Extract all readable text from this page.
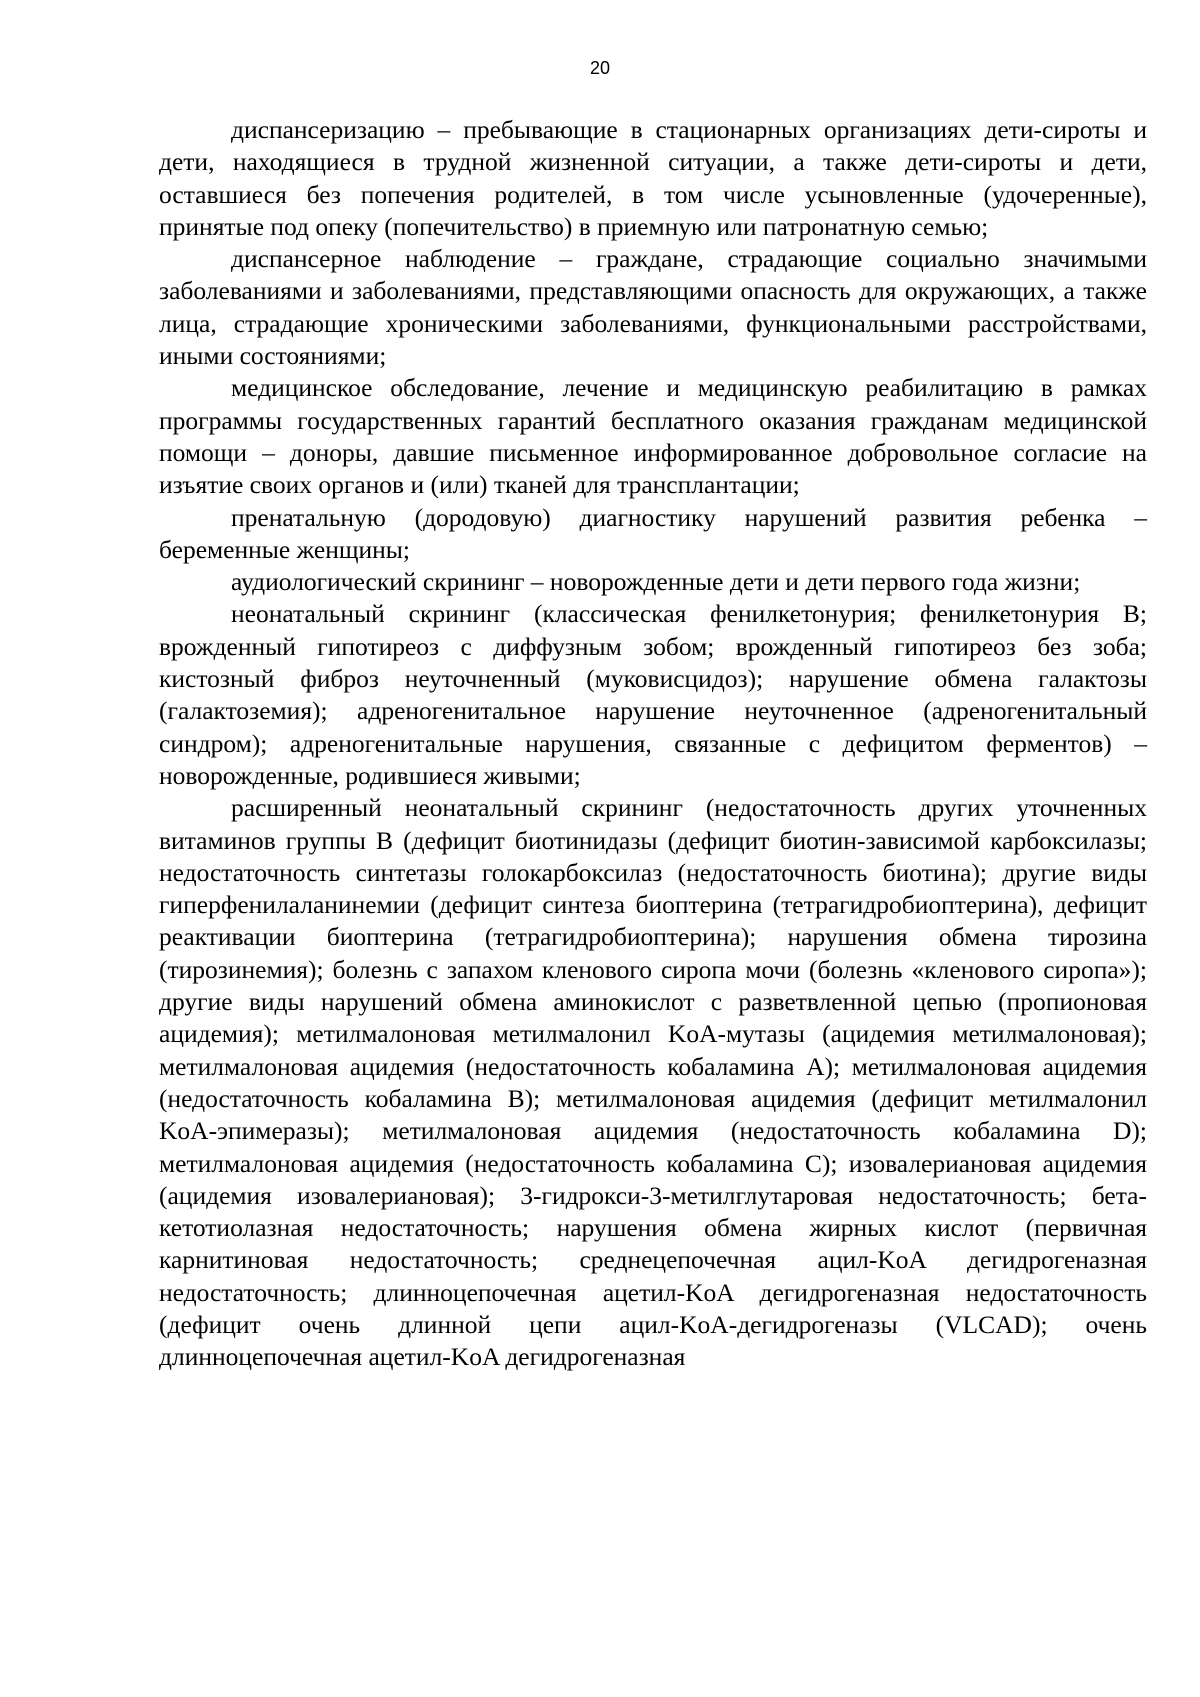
20

диспансеризацию – пребывающие в стационарных организациях дети-сироты и дети, находящиеся в трудной жизненной ситуации, а также дети-сироты и дети, оставшиеся без попечения родителей, в том числе усыновленные (удочеренные), принятые под опеку (попечительство) в приемную или патронатную семью;

диспансерное наблюдение – граждане, страдающие социально значимыми заболеваниями и заболеваниями, представляющими опасность для окружающих, а также лица, страдающие хроническими заболеваниями, функциональными расстройствами, иными состояниями;

медицинское обследование, лечение и медицинскую реабилитацию в рамках программы государственных гарантий бесплатного оказания гражданам медицинской помощи – доноры, давшие письменное информированное добровольное согласие на изъятие своих органов и (или) тканей для трансплантации;

пренатальную (дородовую) диагностику нарушений развития ребенка – беременные женщины;

аудиологический скрининг – новорожденные дети и дети первого года жизни;

неонатальный скрининг (классическая фенилкетонурия; фенилкетонурия B; врожденный гипотиреоз с диффузным зобом; врожденный гипотиреоз без зоба; кистозный фиброз неуточненный (муковисцидоз); нарушение обмена галактозы (галактоземия); адреногенитальное нарушение неуточненное (адреногенитальный синдром); адреногенитальные нарушения, связанные с дефицитом ферментов) – новорожденные, родившиеся живыми;

расширенный неонатальный скрининг (недостаточность других уточненных витаминов группы B (дефицит биотинидазы (дефицит биотин-зависимой карбоксилазы; недостаточность синтетазы голокарбоксилаз (недостаточность биотина); другие виды гиперфенилаланинемии (дефицит синтеза биоптерина (тетрагидробиоптерина), дефицит реактивации биоптерина (тетрагидробиоптерина); нарушения обмена тирозина (тирозинемия); болезнь с запахом кленового сиропа мочи (болезнь «кленового сиропа»); другие виды нарушений обмена аминокислот с разветвленной цепью (пропионовая ацидемия); метилмалоновая метилмалонил KoA-мутазы (ацидемия метилмалоновая); метилмалоновая ацидемия (недостаточность кобаламина A); метилмалоновая ацидемия (недостаточность кобаламина B); метилмалоновая ацидемия (дефицит метилмалонил KoA-эпимеразы); метилмалоновая ацидемия (недостаточность кобаламина D); метилмалоновая ацидемия (недостаточность кобаламина C); изовалериановая ацидемия (ацидемия изовалериановая); 3-гидрокси-3-метилглутаровая недостаточность; бета-кетотиолазная недостаточность; нарушения обмена жирных кислот (первичная карнитиновая недостаточность; среднецепочечная ацил-KoA дегидрогеназная недостаточность; длинноцепочечная ацетил-KoA дегидрогеназная недостаточность (дефицит очень длинной цепи ацил-KoA-дегидрогеназы (VLCAD); очень длинноцепочечная ацетил-KoA дегидрогеназная
